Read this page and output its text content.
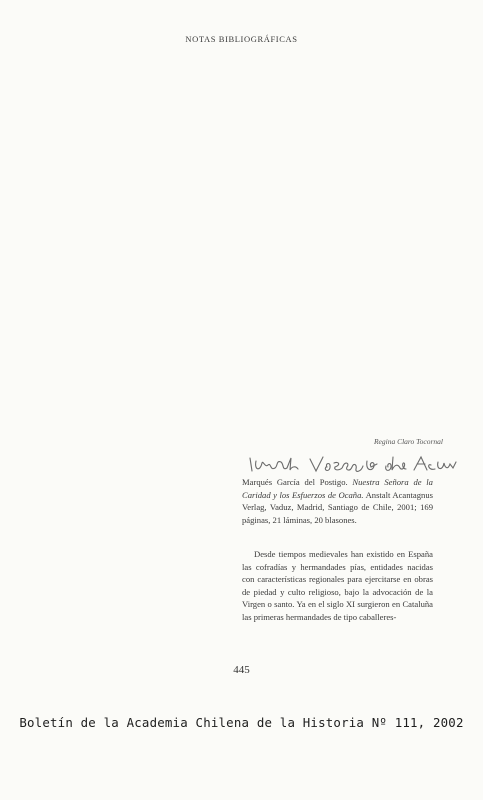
NOTAS BIBLIOGRÁFICAS
Regina Claro Tocornal
Marqués García del Postigo. Nuestra Señora de la Caridad y los Esfuerzos de Ocaña. Anstalt Acantagnus Verlag, Vaduz, Madrid, Santiago de Chile, 2001; 169 páginas, 21 láminas, 20 blasones.

Desde tiempos medievales han existido en España las cofradías y hermandades pías, entidades nacidas con características regionales para ejercitarse en obras de piedad y culto religioso, bajo la advocación de la Virgen o santo. Ya en el siglo XI surgieron en Cataluña las primeras hermandades de tipo caballeres-

445
Boletín de la Academia Chilena de la Historia Nº 111, 2002
